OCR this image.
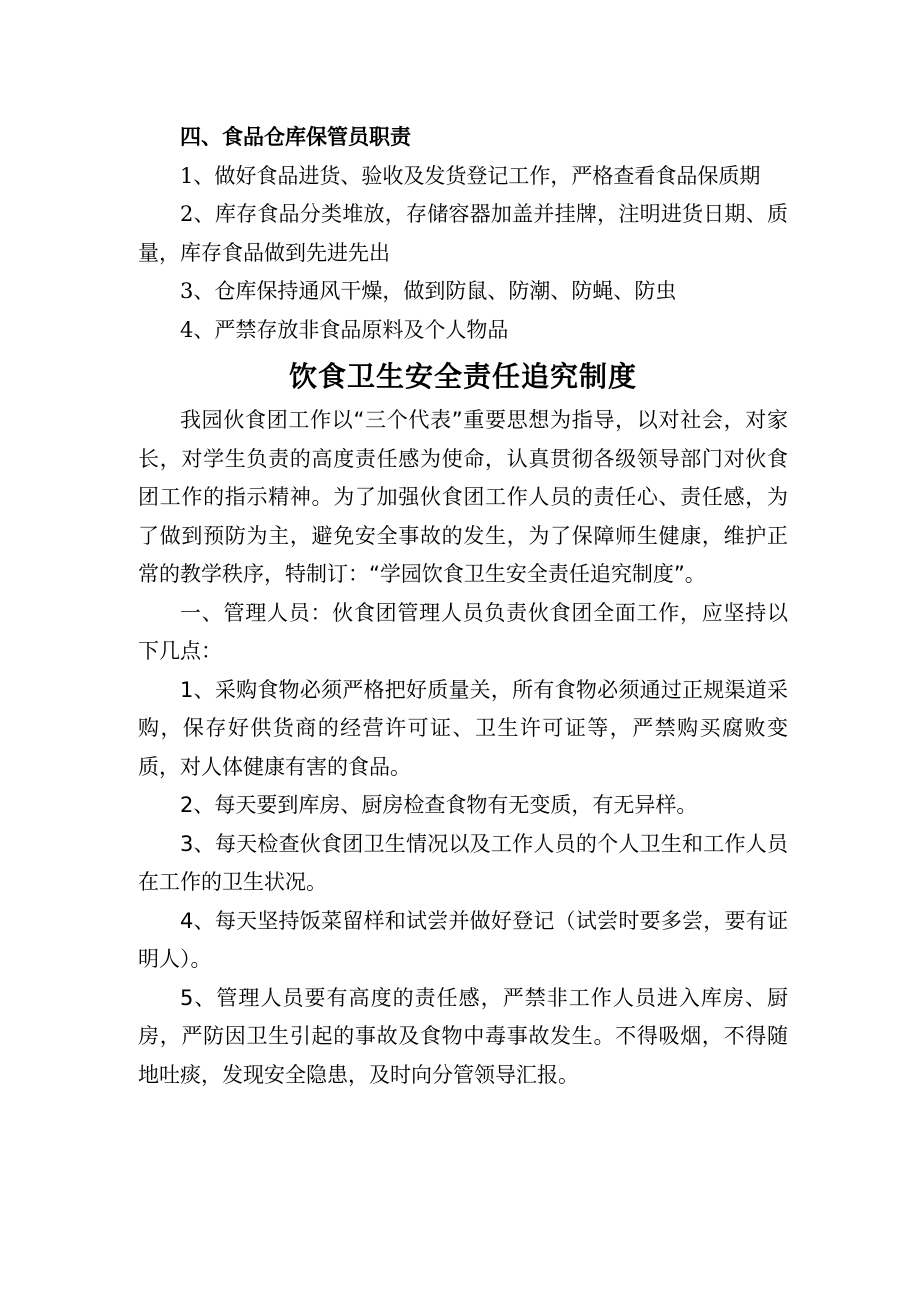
四、食品仓库保管员职责

1、做好食品进货、验收及发货登记工作，严格查看食品保质期

2、库存食品分类堆放，存储容器加盖并挂牌，注明进货日期、质量，库存食品做到先进先出

3、仓库保持通风干燥，做到防鼠、防潮、防蝇、防虫

4、严禁存放非食品原料及个人物品

饮食卫生安全责任追究制度

我园伙食团工作以“三个代表”重要思想为指导，以对社会，对家长，对学生负责的高度责任感为使命，认真贯彻各级领导部门对伙食团工作的指示精神。为了加强伙食团工作人员的责任心、责任感，为了做到预防为主，避免安全事故的发生，为了保障师生健康，维护正常的教学秩序，特制订：“学园饮食卫生安全责任追究制度”。

一、管理人员：伙食团管理人员负责伙食团全面工作，应坚持以下几点：

1、采购食物必须严格把好质量关，所有食物必须通过正规渠道采购，保存好供货商的经营许可证、卫生许可证等，严禁购买腐败变质，对人体健康有害的食品。

2、每天要到库房、厨房检查食物有无变质，有无异样。

3、每天检查伙食团卫生情况以及工作人员的个人卫生和工作人员在工作的卫生状况。

4、每天坚持饭菜留样和试尝并做好登记（试尝时要多尝，要有证明人）。

5、管理人员要有高度的责任感，严禁非工作人员进入库房、厨房，严防因卫生引起的事故及食物中毒事故发生。不得吸烟，不得随地吐痰，发现安全隐患，及时向分管领导汇报。
